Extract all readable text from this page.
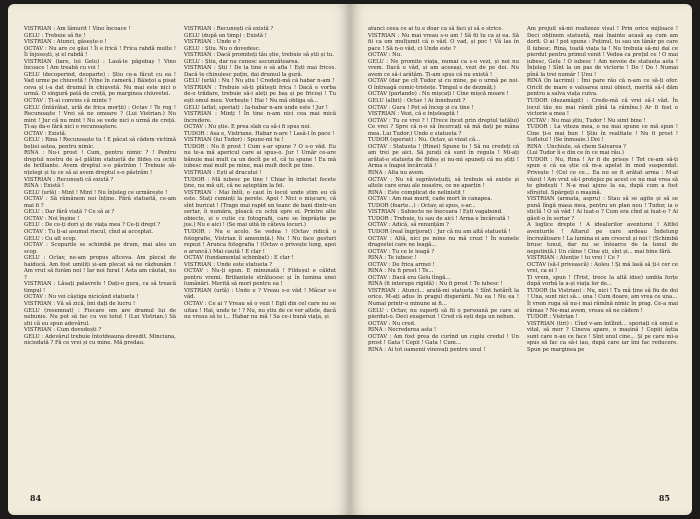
VISTRIAN : Am lămurit ! Vino încoace !
GELU : Trebuie să fie !
VISTRIAN : Atunci, găsește-o !
OCTAV : Nu are ce găsi ! Îi e frică ! Frica rabdă multe ! Îi înjosești, și el rabdă !
VISTRIAN (tare, lui Gelu) : Lasă-le păgubaș ! Vino încoace ! Am treabă cu voi !
GELU (decoperind, deoparte) : Știu ce-a făcut cu ea ! Vad urme pe chiuvetă ! (Vine în cameră.) Băiețoi a pisat ceva și i-a dat drumul în chiuvetă. Nu mai este nici o urmă. O singură pată de creță, pe marginea chiuvetei.
OCTAV : Ți-ai convins că minte ?
GELU (întărâtat, urlă de frica morții) : Octav ! Te rog ! Recunoaște ! Vrei să ne omoare ? (Lui Vistrian.) Nu mint ! Jur că nu mint ! Nu se vede nici o urmă de creță. Ți-aș da-o fără nici o recunoaștere.
OCTAV : Există.
GELU : Rina ! Recunoaște tu ! E păcat să cădem victimă beției astea, pentru nimic.
RINA : Nu-i prost ! Cum, pentru nimic ? ! Pentru dreptul nostru de a-l plătim statuetă de fildeș cu ochii de brilliante. Avem dreptul s-o păstrăm ! Trebuie să-nțelegi și tu ce să ai avem dreptul s-o păstrăm !
VISTRIAN : Recunoști că există ?
RINA : Există !
GELU (urlă) : Mint ! Mint ! Nu înțeleg ce urmărește !
OCTAV : Să rămânem noi înține. Fără statuetă, ce-am mai fi ?
GELU : Dar fără viață ? Ce să ai ?
OCTAV : Noi înșine !
GELU : De ce-ți dori și de viața mea ? Ce-ți drept ?
OCTAV : Tu ți-ai asumat riscul, cînd ai acceptat.
GELU : Cu alt scop.
OCTAV : Scopurile se schimbă pe drum, mai ales un scop.
GELU : Octav, ne-am propus altceva. Am plecat de haiducă. Am fost umiliți și-am plecat să ne răzbunăm ! Am vrut să furăm noi ! Iar noi furat ! Asta am căutat, nu ?
VISTRIAN : Lăsați palavrele ! Dați-o gura, ca să treacă timpul !
OCTAV : Nu vei câștiga nicicând statueta !
VISTRIAN : Vă să zică, îmi dați de lucru !
GELU (resemnat) : Fiecare om are dramul lui de nebunie. Nu pot să fac cu voi totul ! (Lui Vistrian.) Să știi că eu spun adevărul.
VISTRIAN : Cum dovedești ?
GELU : Adevărul trebuie întotdeauna dovedit. Minciuna, niciodată ? Fă ce vrei și cu mine. Mă predau.
VISTRIAN : Recunoști că există ?
GELU (după un timp) : Există !
VISTRIAN : Unde e ?
GELU : Știu. Nu o dovedesc.
VISTRIAN : Dacă promiteți tău știe, trebuie să știi și tu.
GELU : Știu, dar nu cunosc ascunzătoarea.
VISTRIAN : Știi ! De la tine o să afla ! Ești mai fricos. Dacă te chinuiesc puțin, dai drumul la gură.
GELU (urlă) : Nu ! Nu știu ! Credeți-mă că habar n-am !
VISTRIAN : Trebuie să-ți plătești frica ! Dacă e vorba de-o trădare, trebuie să-i aleți pe baș și pe fricoși ! Tu ești omul meu. Vorbește ! Hai ! Nu mă obliga să...
GELU (aflat, speriat) : Ia-habar n-am unde este ! Jur !
VISTRIAN : Minți ! În tine n-am nici cea mai mică încredere.
OCTAV : Nu știe. E prea slab ca să-i fi spus noi.
TUDOR : Asa e, Vistriane. Habar n-are ! Lasă-l în pace !
VISTRIAN (lui Tudor) : Spune-mi tu !
TUDOR : Nu fi prost ! Cum s-ar spune ? O s-o văd. Eu nu te-a mă apericul care ai spus-o. Jur ! Umăr ce-are bănuie mai mult ca un decît pe el, că tu spune ! Eu mă iubesc mai mult pe mine, mai mult decît pe tine.
VISTRIAN : Ești al dracului !
TUDOR : Mă iubesc pe tine ! Chiar în infectat focete ține, nu mă uit, că ne așteptăm la fel.
VISTRIAN : Mai întîi, o caut în locul unde știm eu că este. Stați cuminți la perete. Apoi ! Nici o mișcare, că sînt buricat ! (Trage mai rapid un teanc de bani dintr-un sertar, îi număra, pleacă cu ochii spre ei. Printre alte obiecte, și o cutie cu fotografii, care se împrăștie pe jos.) Nu e aici ! (Se mai uită în câteva locuri.)
TUDOR : Nu e acolo. Se vedea ! (Octav ridică o fotografie, Vistrian îl amenință.) Nu ! Nu face gesturi repezi ! Arunca fotografia ! (Octav o privește lung, apoi o aruncă.) Mai caută ! E clar !
OCTAV (fundamental schimbat) : E clar !
VISTRIAN : Unde este statueta ?
OCTAV : Nu-ți spun. E minunată ! Fildeșul e căldut pentru vremi. Briliantele strălucesc și în lumina unei lumânări. Merită să mori pentru ea !
VISTRIAN (urlă) : Unde e ? Vreau s-o văd ! Mâcar s-o văd.
OCTAV : Ce ai ? Vreau să o vezi ! Egli din cel care nu se uitau ! Hai, unde te ! ? Nu, nu știu de ce vor altele, dacă nu vreau să te i... Habar nu mă ! Sa ce-i bună viața, și
84
atunci ceea ce ai tu e doar ca să faci și să o strice.
VISTRIAN : Nu mai vreau s-o am ! Să fii tu ca și ea. Să fii ca om mulțumit că o văd. O vad, și poc ! Vă las în pace ! Să n-o văd, ci Unde este ?
OCTAV : Nu.
GELU : Ne promite viața, numai ca s-o vezi, și noi nu vrem. Dacă o văd, și am aceeași, vezi de pe doi. Nu avem ce să-i arătăm. Ți-am spus că nu există !
OCTAV (dar pe cît Tudor și cu mine, pe o urmă pe noi. O întreagă comic-tristețe. Timpul e de dezmăț.)
OCTAV (parlando) : Nu mișcați ! Cine mișcă moare !
GELU (albit) : Octav ! Ai înnebunit ?
OCTAV : Gura ! Pot să încep și cu tine !
VISTRIAN : Vezi, că e înțeleaptă !
OCTAV : Tu ce vrei ? ! (Trece încet prin dreptul tatălui) Ce vrei ? Spre că n-o să încercați să mă dați pe mâna mea. Lui Tudor.) Unde e statueta ?
TUDOR (speriat) : Nu. Octav, ai vizat că...
OCTAV : Statueta ! (Rinei) Spune tu ! Să nu credeți că am trei pe aici. Să jurați că sunt în regula ! Mi-ați arătat-o statueta de fildeș și nu-mi spuneți că nu știți ! Arma e înapoi încărcată !
RINA : Alta nu avem.
OCTAV : Nu vă suprăviețuiți, să trebuie să existe și altele care erau ale noastre, ce ne aparțin !
RINA : Este complicat de nelinistit !
OCTAV : Am mai murit, cade mort în canapea.
TUDOR (foarte...) : Octav, ai spus, s-ar...
VISTRIAN : Subiecte ne înecoara ! Ești vagabond.
TUDOR : Trebuie, tu sau de aici ! Arma e încărcată !
OCTAV : Adică, să renunțăm ?
TUDOR (real îngrijorat) : Jur că nu am altă statuetă !
OCTAV : Altă, nici pe mine nu mă crezi ! În numele dragostei care ne leagă...
OCTAV : Tu ce le leagă ?
RINA : Te iubesc !
OCTAV : De frica armei !
RINA : Nu fi prost ! Te...
OCTAV : Dacă era Gelu lîngă...
RINA (fi interupe rigidă) : Nu fi prost ! Te iubesc !
VISTRIAN : Atunci... arată-mi statueta ! Sînt hotărît la orice. M-ați adus în pragul disperării. Nu ea ! Nu ea ! Numai printr-o minune ai fi...
GELU : Octav, nu suporți să fii o persoană pe care ai pierdut-o. Deci exagerezi ! Cred că ești deja un nebun.
OCTAV : Nu cred.
RINA : Necrederea asta !
OCTAV : Am fost prea de curînd un cuplu credul ! Un prost ! Gata ! Copii ! Gata ! Cum...
RINA : Ai tot oamenii vinovați pentru unul !
Am prejuit să-mi realizeze visul ! Prin orice mijloace ! Deci obținem statuetă, mai înainte acasă aș cum am dorit. O ai ! pot spune : Puținul, tu sau un tânăr pe care îl iubesc. Rina, toată viața ta ! Nu trebuia să-mi dai ce pierdut pentru primul venit ! Vedea ca prețul ce ! O mai iubesc, Gelu ! O iubesc ! Am nevoie de statueta asta ! Înțeleg ! Sînt la un pas de victorie ! Do ! Do ! Numai pînă la trei număr ! Unu !
RINA (în lacrimi) : Îmi pare rău că n-am ce să-ți ofer. Oricît de mare e valoarea unui obiect, merită să-l dăm pentru a salva viața cuiva.
TUDOR (dezamăgit) : Crede-mă că vrei să-l văd. În locul tău nu mai rămîi pînă la rămîne.) Ar fi fost o victorie a mea !
OCTAV : Nu mai știu, Tudor ! Nu simt bine !
TUDOR : La viteza mea, o nu mai spune ce mă spun ! Cine ți-e mai bun ! Știu în realitate ! Nu fi prost ! Sufletul ! (Se înmoaie.) Doi !
RINA : Unchiule, să chem Salvarea ?
(Lui Tudor îi e din ce în ce mai rău.)
TUDOR : Nu, Rina ! Ar fi de prisos ! Tot ce-am să-ți spun e că ea știe că m-a apelat în mod suspendat. Privește ! (Cel ce ce... Ea nu se fi arătat arma : M-ai văzut ! Am vrut să-l protejez pe acest ce nu mai vrea să te gîndești ! N-a mai ajuns la ea, după cum a fost sfîrșitul. Spărgeți o mașină.
VISTRIAN (armata, aspru) : Stau să se agite și să se pună lîngă masa mea, pentru un plan nou ! Tudor, ia o sticlă ! O să văd ! Ai luat-o ? Cum era cînd ai luat-o ? Ai găsit-o în sertar ?
A loglice drepte ! A idealurilor aventurei ! Altfel aventurile ! Altarul pe care ardeau Îndelung încrezătoare ! La lumina ei am crescut și noi ! (Schimbă brusc tonul, dar nu se întoarce de la tonul de neputință.) Un câine ! Cine ști, sînt și... mai bine fără.
VISTRIAN : Atenție ! tu vrei ! Ce ?
OCTAV (să-l privească) : Aoleu ! Și mă lasă să ți-i cer ce vrei, ca ei !
Ți vrem, spun ! (Trist, trece la altă idee) umbla forțe după vorbă la a-și viața lor de...
TUDOR (la Vistrian) : Nu, nici ! Tu mă ține să fiu de doi ! Una, sunt nici să... una ! Cum doare, am vrea ce una...
Îi vrem ruga să nu-i mai rămînă nimic în prag. Ce-a mai rămas ? Ne-mai avem, vreau să ne cădem !
TUDOR : Vistrian !
VISTRIAN (tiri) : Cînd v-am întîlnit... speriați că omul e vital, să mor ? Cineva apare, o mașină ! Copiii ăștia sunt care n-au ce face ! Sînt unul cine... Și pe care mi-a spus să fac ca să-i iau, după care iar îmi fac reducere. Spun pe marginea pe
85
